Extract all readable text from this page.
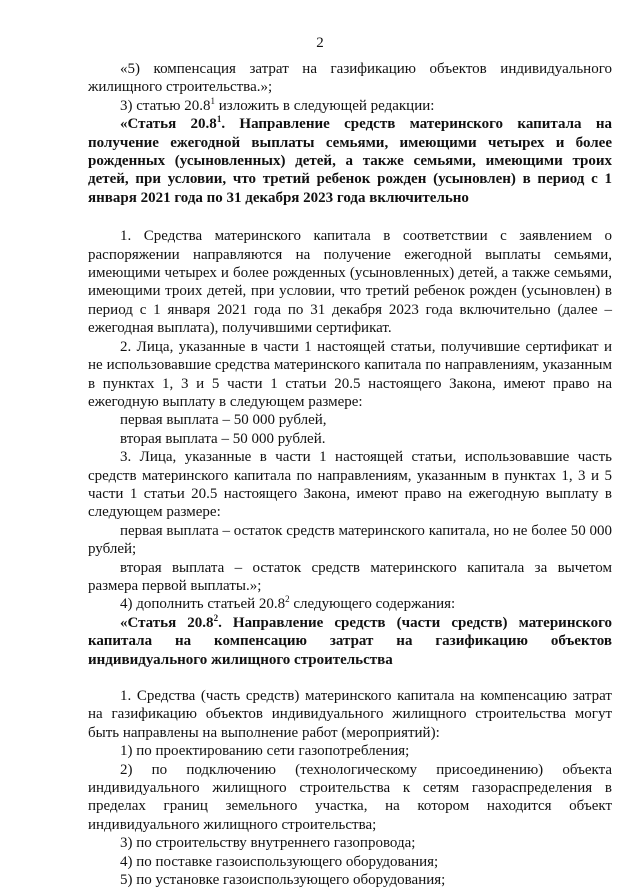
2

«5) компенсация затрат на газификацию объектов индивидуального жилищного строительства.»;

3) статью 20.8$^1$ изложить в следующей редакции:

«Статья 20.8$^1$. Направление средств материнского капитала на получение ежегодной выплаты семьями, имеющими четырех и более рожденных (усыновленных) детей, а также семьями, имеющими троих детей, при условии, что третий ребенок рожден (усыновлен) в период с 1 января 2021 года по 31 декабря 2023 года включительно

1. Средства материнского капитала в соответствии с заявлением о распоряжении направляются на получение ежегодной выплаты семьями, имеющими четырех и более рожденных (усыновленных) детей, а также семьями, имеющими троих детей, при условии, что третий ребенок рожден (усыновлен) в период с 1 января 2021 года по 31 декабря 2023 года включительно (далее – ежегодная выплата), получившими сертификат.

2. Лица, указанные в части 1 настоящей статьи, получившие сертификат и не использовавшие средства материнского капитала по направлениям, указанным в пунктах 1, 3 и 5 части 1 статьи 20.5 настоящего Закона, имеют право на ежегодную выплату в следующем размере:

первая выплата – 50 000 рублей,

вторая выплата – 50 000 рублей.

3. Лица, указанные в части 1 настоящей статьи, использовавшие часть средств материнского капитала по направлениям, указанным в пунктах 1, 3 и 5 части 1 статьи 20.5 настоящего Закона, имеют право на ежегодную выплату в следующем размере:

первая выплата – остаток средств материнского капитала, но не более 50 000 рублей;

вторая выплата – остаток средств материнского капитала за вычетом размера первой выплаты.»;

4) дополнить статьей 20.8$^2$ следующего содержания:

«Статья 20.8$^2$. Направление средств (части средств) материнского капитала на компенсацию затрат на газификацию объектов индивидуального жилищного строительства

1. Средства (часть средств) материнского капитала на компенсацию затрат на газификацию объектов индивидуального жилищного строительства могут быть направлены на выполнение работ (мероприятий):

1) по проектированию сети газопотребления;

2) по подключению (технологическому присоединению) объекта индивидуального жилищного строительства к сетям газораспределения в пределах границ земельного участка, на котором находится объект индивидуального жилищного строительства;

3) по строительству внутреннего газопровода;

4) по поставке газоиспользующего оборудования;

5) по установке газоиспользующего оборудования;
